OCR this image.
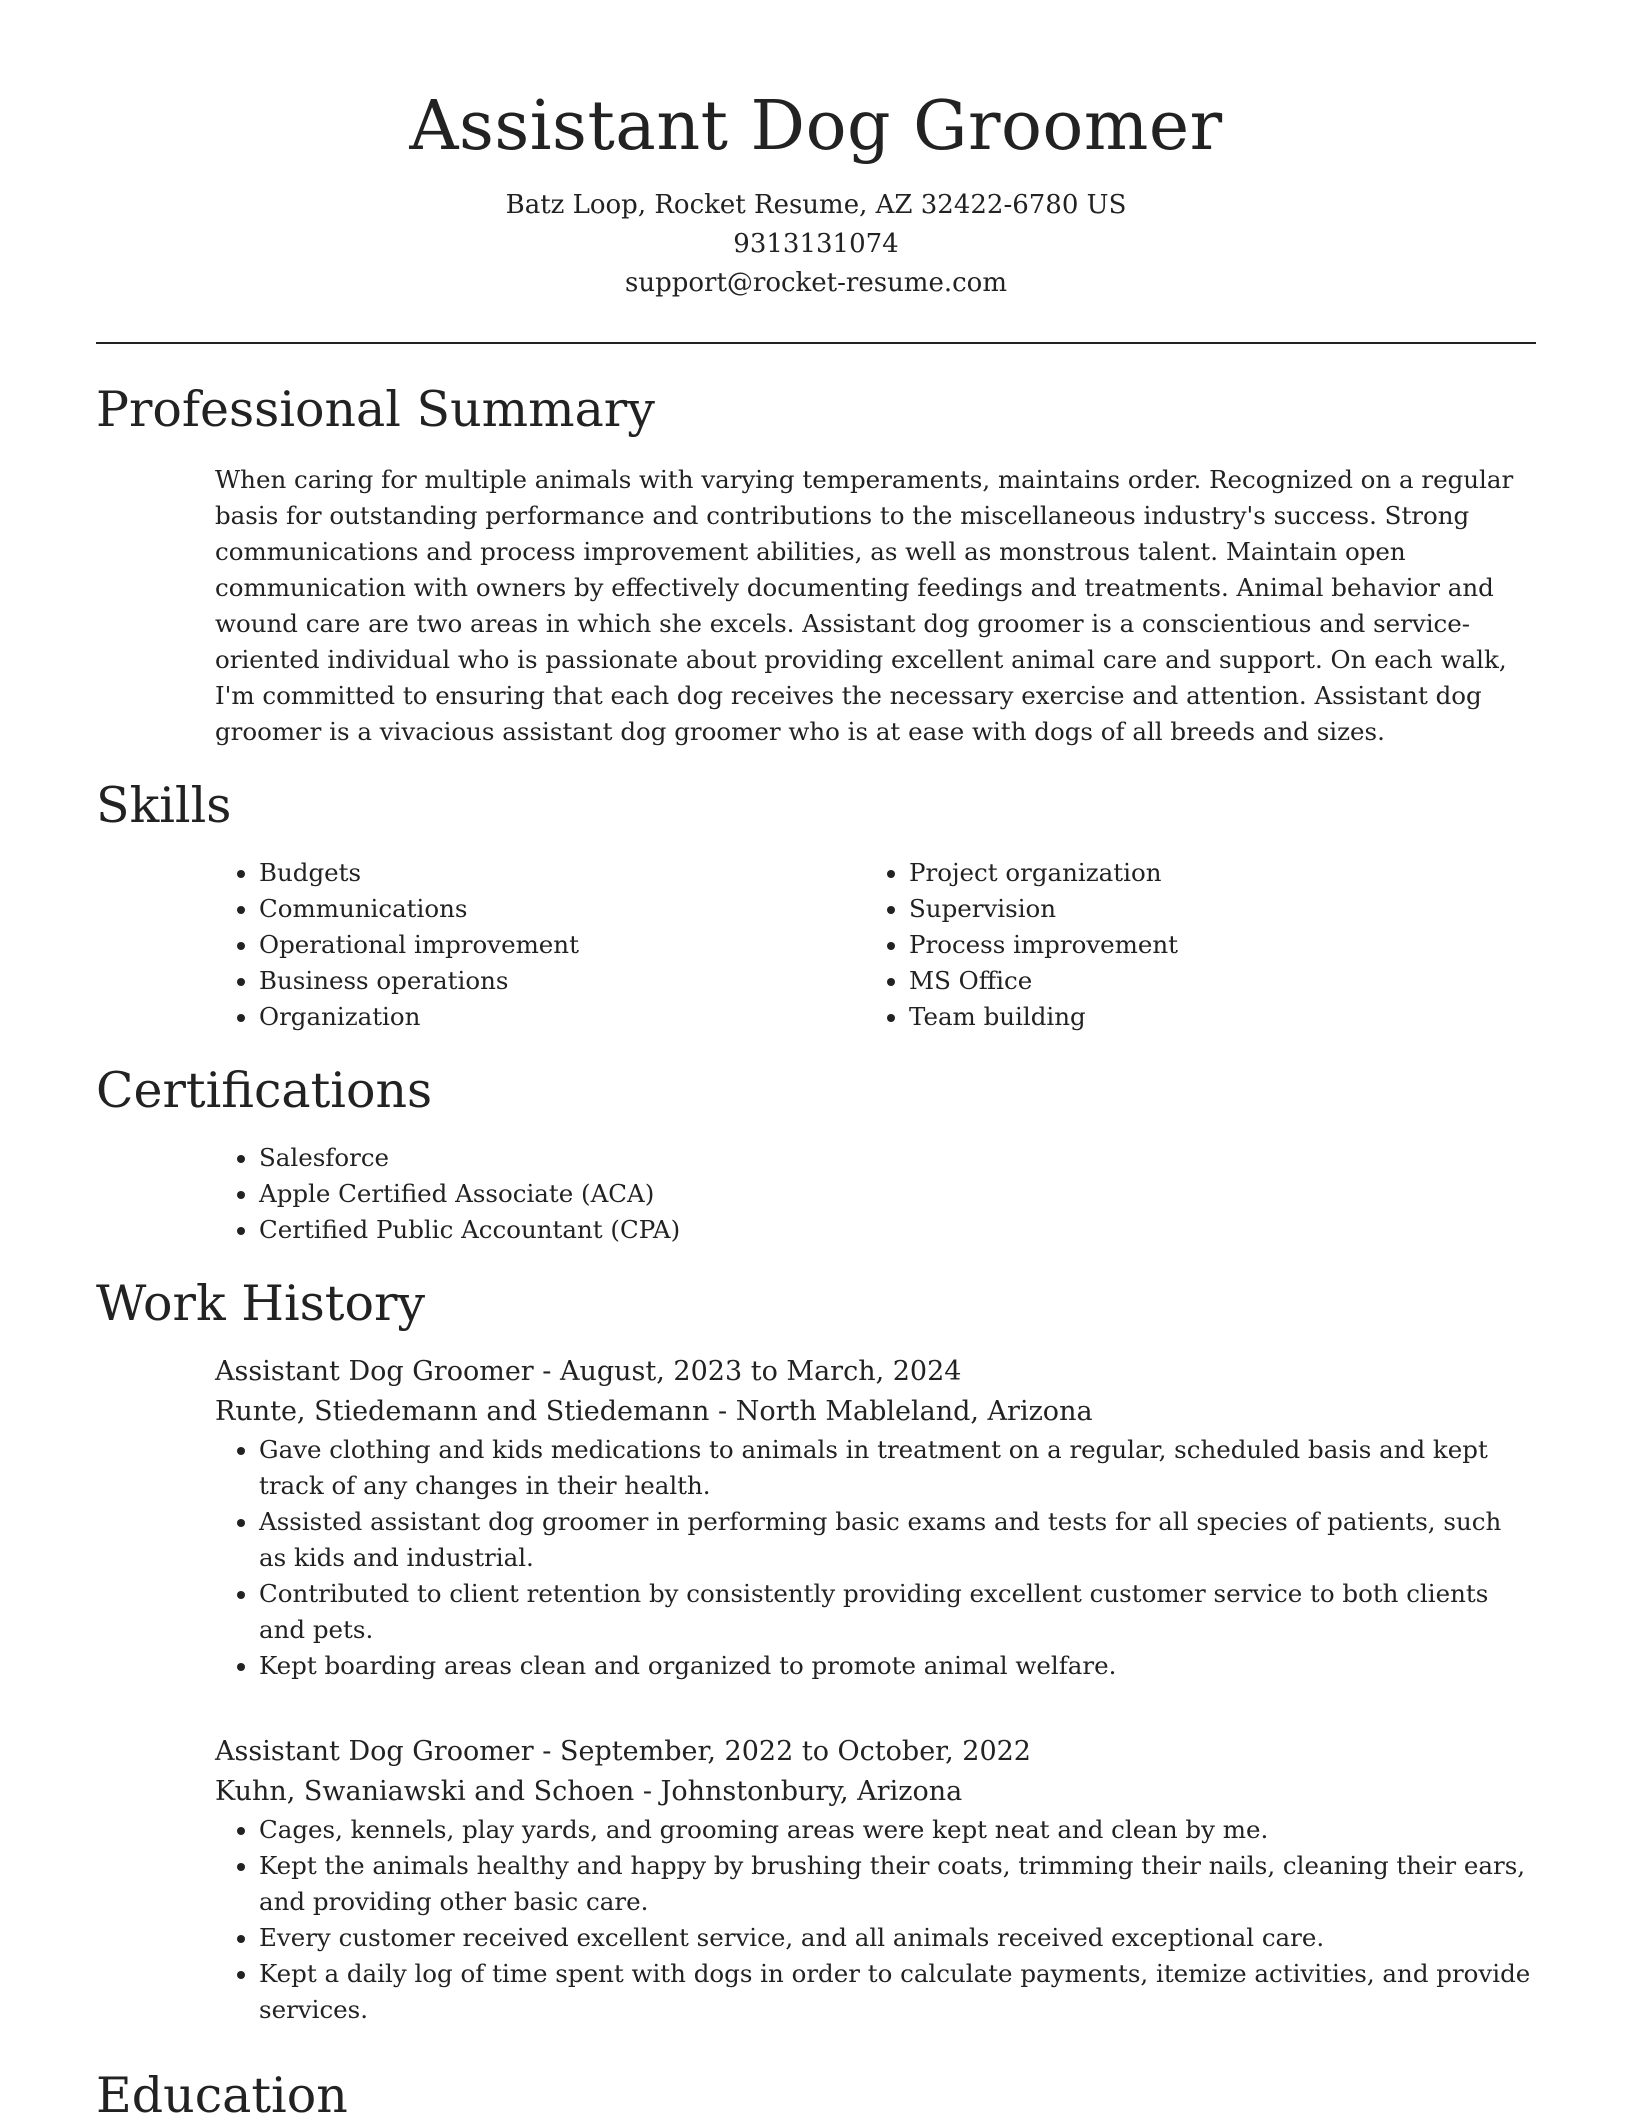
Assistant Dog Groomer
Batz Loop, Rocket Resume, AZ 32422-6780 US
9313131074
support@rocket-resume.com
Professional Summary

When caring for multiple animals with varying temperaments, maintains order. Recognized on a regular basis for outstanding performance and contributions to the miscellaneous industry's success. Strong communications and process improvement abilities, as well as monstrous talent. Maintain open communication with owners by effectively documenting feedings and treatments. Animal behavior and wound care are two areas in which she excels. Assistant dog groomer is a conscientious and service-oriented individual who is passionate about providing excellent animal care and support. On each walk, I'm committed to ensuring that each dog receives the necessary exercise and attention. Assistant dog groomer is a vivacious assistant dog groomer who is at ease with dogs of all breeds and sizes.

Skills
• Budgets
• Communications
• Operational improvement
• Business operations
• Organization
• Project organization
• Supervision
• Process improvement
• MS Office
• Team building
Certifications
• Salesforce
• Apple Certified Associate (ACA)
• Certified Public Accountant (CPA)
Work History

Assistant Dog Groomer - August, 2023 to March, 2024

Runte, Stiedemann and Stiedemann - North Mableland, Arizona

• Gave clothing and kids medications to animals in treatment on a regular, scheduled basis and kept track of any changes in their health.
• Assisted assistant dog groomer in performing basic exams and tests for all species of patients, such as kids and industrial.
• Contributed to client retention by consistently providing excellent customer service to both clients and pets.
• Kept boarding areas clean and organized to promote animal welfare.

Assistant Dog Groomer - September, 2022 to October, 2022

Kuhn, Swaniawski and Schoen - Johnstonbury, Arizona

• Cages, kennels, play yards, and grooming areas were kept neat and clean by me.
• Kept the animals healthy and happy by brushing their coats, trimming their nails, cleaning their ears, and providing other basic care.
• Every customer received excellent service, and all animals received exceptional care.
• Kept a daily log of time spent with dogs in order to calculate payments, itemize activities, and provide services.
Education
